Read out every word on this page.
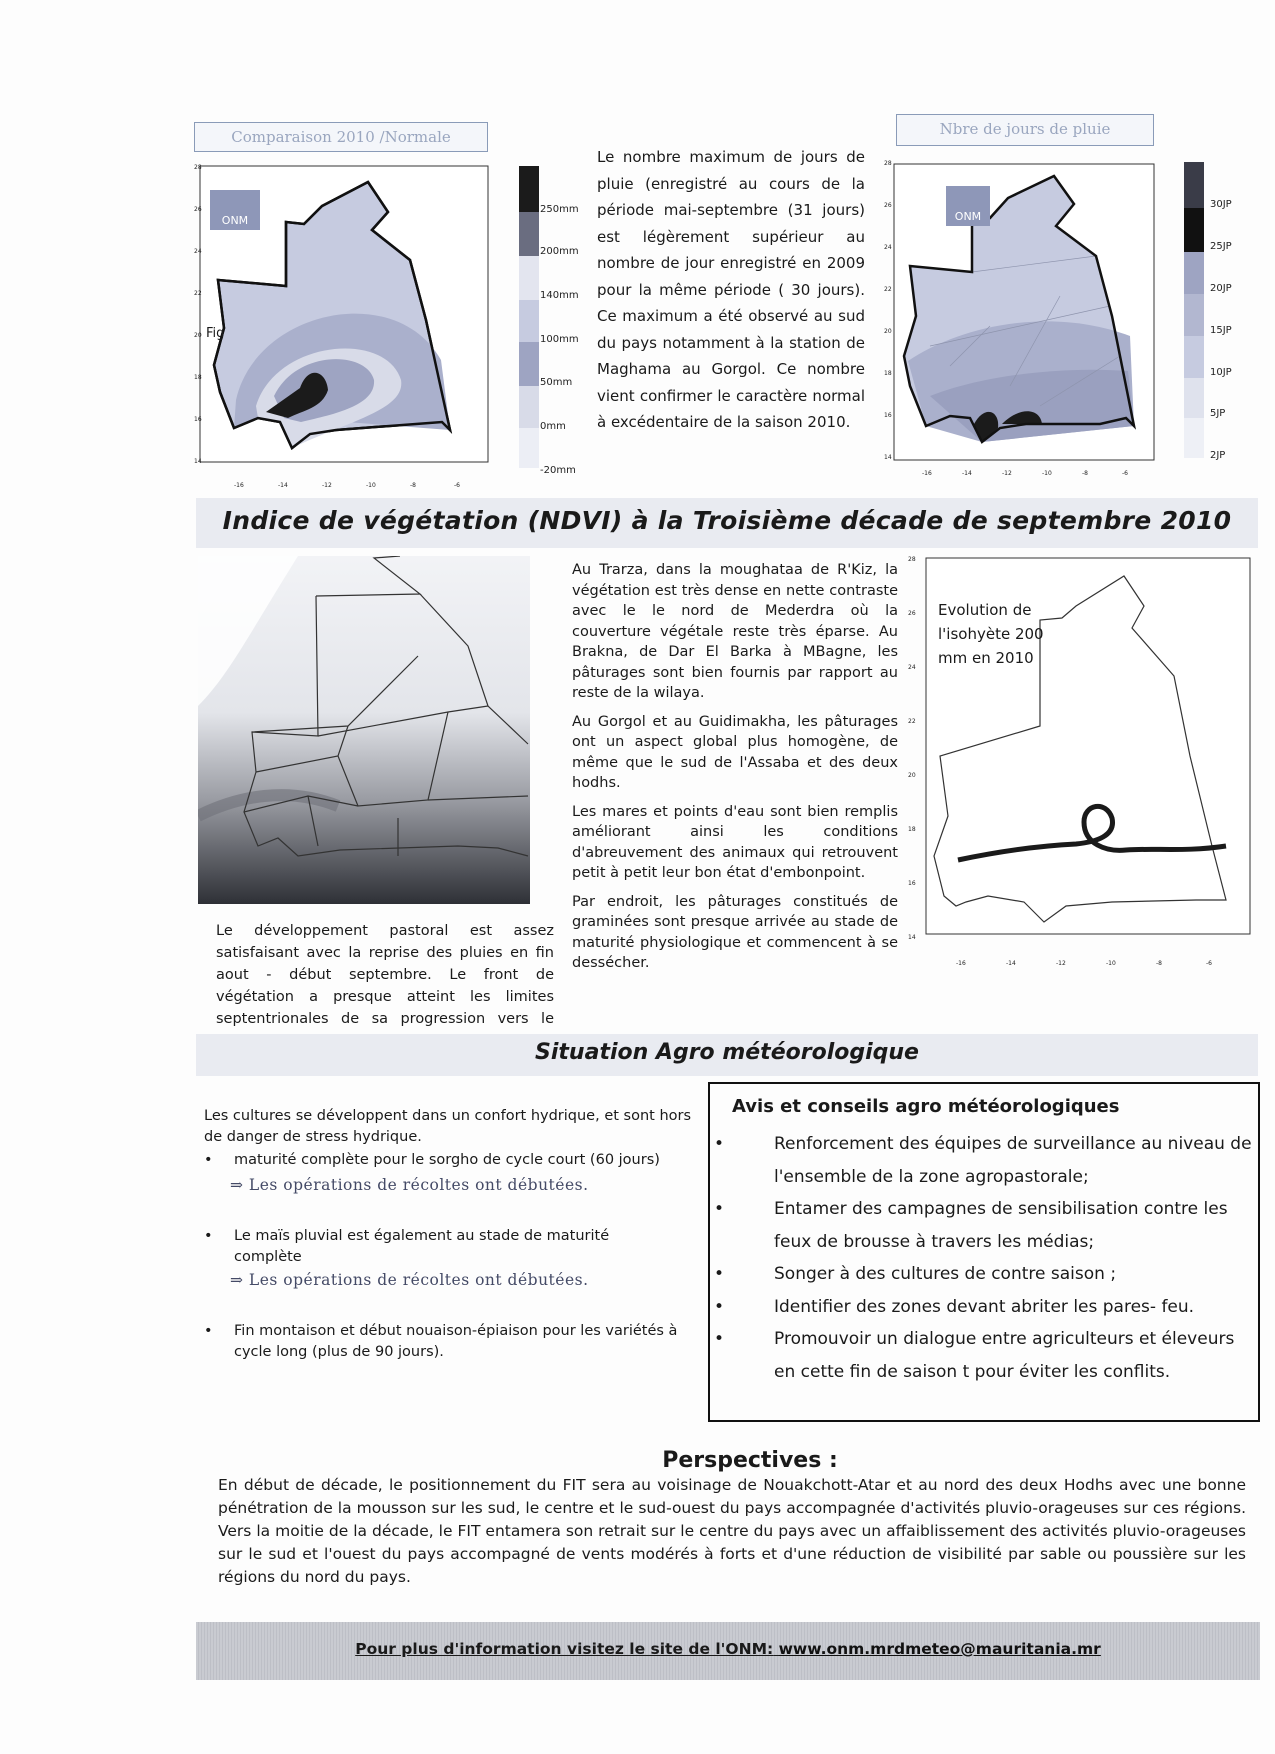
Comparaison 2010 /Normale
ONM
Fig
28
26
24
22
20
18
16
14
-16	-14	-12	-10	-8	-6
250mm
200mm
140mm
100mm
50mm
0mm
-20mm
Le nombre maximum de jours de pluie (enregistré au cours de la période mai-septembre (31 jours) est légèrement supérieur au nombre de jour enregistré en 2009 pour la même période ( 30 jours). Ce maximum a été observé au sud du pays notamment à la station de Maghama au Gorgol. Ce nombre vient confirmer le caractère normal à excédentaire de la saison 2010.
Nbre de jours de pluie
ONM
28
26
24
22
20
18
16
14
-16	-14	-12	-10	-8	-6
30JP
25JP
20JP
15JP
10JP
5JP
2JP
Indice de végétation (NDVI) à la Troisième décade de septembre 2010
Le développement pastoral est assez satisfaisant avec la reprise des pluies en fin aout - début septembre. Le front de végétation a presque atteint les limites septentrionales de sa progression vers le

Au Trarza, dans la moughataa de R'Kiz, la végétation est très dense en nette contraste avec le le nord de Mederdra où la couverture végétale reste très éparse. Au Brakna, de Dar El Barka à MBagne, les pâturages sont bien fournis par rapport au reste de la wilaya.

Au Gorgol et au Guidimakha, les pâturages ont un aspect global plus homogène, de même que le sud de l'Assaba et des deux hodhs.

Les mares et points d'eau sont bien remplis améliorant ainsi les conditions d'abreuvement des animaux qui retrouvent petit à petit leur bon état d'embonpoint.

Par endroit, les pâturages constitués de graminées sont presque arrivée au stade de maturité physiologique et commencent à se dessécher.

Evolution de l'isohyète 200 mm en 2010
28
26
24
22
20
18
16
14
-16	-14	-12	-10	-8	-6
Situation Agro météorologique
Les cultures se développent dans un confort hydrique, et sont hors de danger de stress hydrique.
•	maturité complète pour le sorgho de cycle court (60 jours)
⇒ Les opérations de récoltes ont débutées.
•	Le maïs pluvial est également au stade de maturité complète
⇒ Les opérations de récoltes ont débutées.
•	Fin montaison et début nouaison-épiaison pour les variétés à cycle long (plus de 90 jours).
Avis et conseils agro météorologiques
•	Renforcement des équipes de surveillance au niveau de l'ensemble de la zone agropastorale;
•	Entamer des campagnes de sensibilisation contre les feux de brousse à travers les médias;
•	Songer à des cultures de contre saison ;
•	Identifier des zones devant abriter les pares- feu.
•	Promouvoir un dialogue entre agriculteurs et éleveurs en cette fin de saison t pour éviter les conflits.
Perspectives :
En début de décade, le positionnement du FIT sera au voisinage de Nouakchott-Atar et au nord des deux Hodhs avec une bonne pénétration de la mousson sur les sud, le centre et le sud-ouest du pays accompagnée d'activités pluvio-orageuses sur ces régions. Vers la moitie de la décade, le FIT entamera son retrait sur le centre du pays avec un affaiblissement des activités pluvio-orageuses sur le sud et l'ouest du pays accompagné de vents modérés à forts et d'une réduction de visibilité par sable ou poussière sur les régions du nord du pays.
Pour plus d'information visitez le site de l'ONM: www.onm.mrdmeteo@mauritania.mr
